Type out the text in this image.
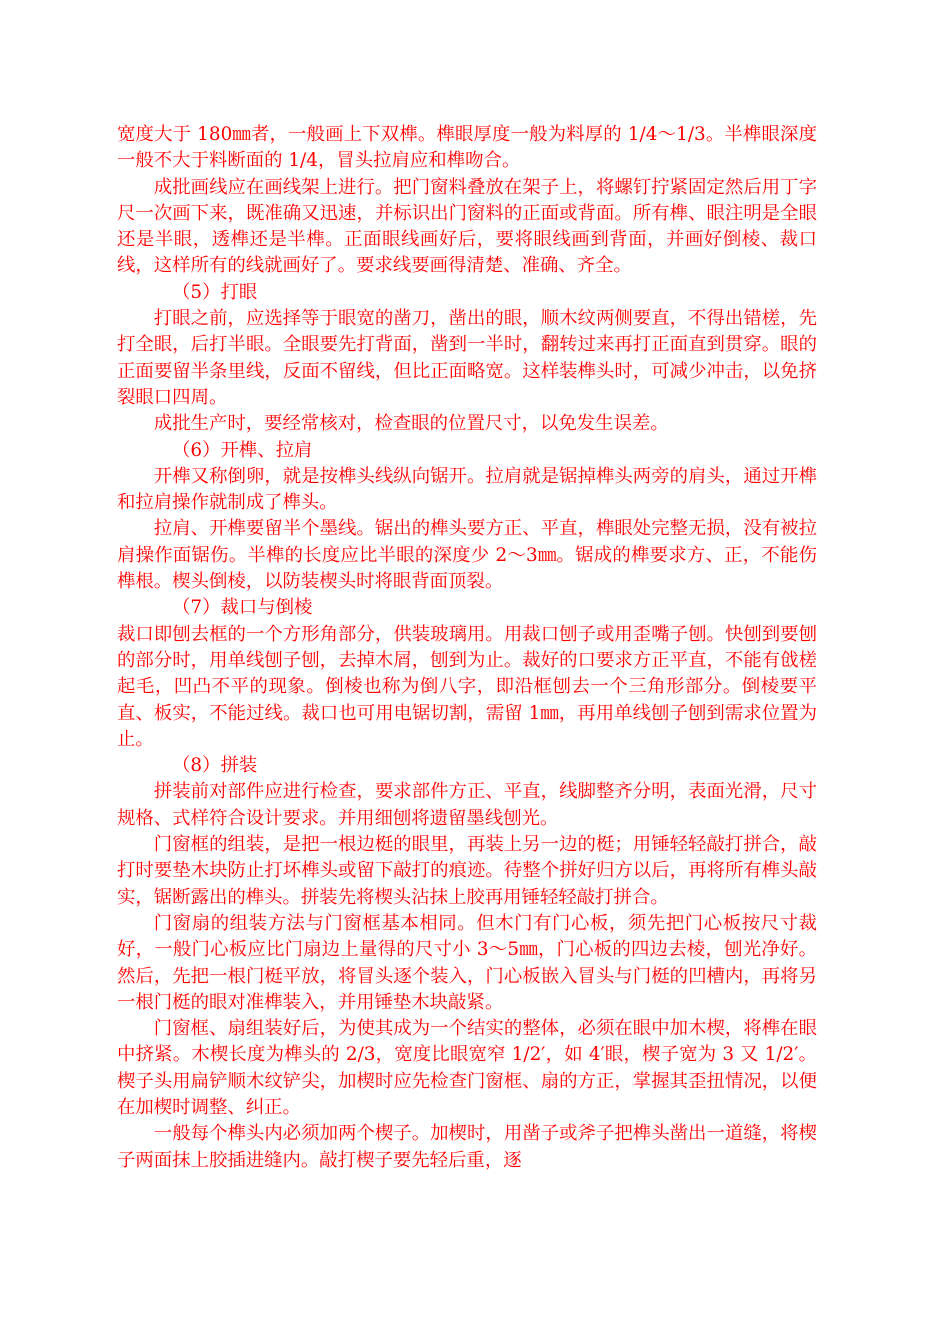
宽度大于 180㎜者，一般画上下双榫。榫眼厚度一般为料厚的 1/4～1/3。半榫眼深度一般不大于料断面的 1/4，冒头拉肩应和榫吻合。

成批画线应在画线架上进行。把门窗料叠放在架子上，将螺钉拧紧固定然后用丁字尺一次画下来，既准确又迅速，并标识出门窗料的正面或背面。所有榫、眼注明是全眼还是半眼，透榫还是半榫。正面眼线画好后，要将眼线画到背面，并画好倒棱、裁口线，这样所有的线就画好了。要求线要画得清楚、准确、齐全。

（5）打眼

打眼之前，应选择等于眼宽的凿刀，凿出的眼，顺木纹两侧要直，不得出错槎，先打全眼，后打半眼。全眼要先打背面，凿到一半时，翻转过来再打正面直到贯穿。眼的正面要留半条里线，反面不留线，但比正面略宽。这样装榫头时，可减少冲击，以免挤裂眼口四周。

成批生产时，要经常核对，检查眼的位置尺寸，以免发生误差。

（6）开榫、拉肩

开榫又称倒卵，就是按榫头线纵向锯开。拉肩就是锯掉榫头两旁的肩头，通过开榫和拉肩操作就制成了榫头。

拉肩、开榫要留半个墨线。锯出的榫头要方正、平直，榫眼处完整无损，没有被拉肩操作面锯伤。半榫的长度应比半眼的深度少 2～3㎜。锯成的榫要求方、正，不能伤榫根。楔头倒棱，以防装楔头时将眼背面顶裂。

（7）裁口与倒棱

裁口即刨去框的一个方形角部分，供装玻璃用。用裁口刨子或用歪嘴子刨。快刨到要刨的部分时，用单线刨子刨，去掉木屑，刨到为止。裁好的口要求方正平直，不能有戗槎起毛，凹凸不平的现象。倒棱也称为倒八字，即沿框刨去一个三角形部分。倒棱要平直、板实，不能过线。裁口也可用电锯切割，需留 1㎜，再用单线刨子刨到需求位置为止。

（8）拼装

拼装前对部件应进行检查，要求部件方正、平直，线脚整齐分明，表面光滑，尺寸规格、式样符合设计要求。并用细刨将遗留墨线刨光。

门窗框的组装，是把一根边梃的眼里，再装上另一边的梃；用锤轻轻敲打拼合，敲打时要垫木块防止打坏榫头或留下敲打的痕迹。待整个拼好归方以后，再将所有榫头敲实，锯断露出的榫头。拼装先将楔头沾抹上胶再用锤轻轻敲打拼合。

门窗扇的组装方法与门窗框基本相同。但木门有门心板，须先把门心板按尺寸裁好，一般门心板应比门扇边上量得的尺寸小 3～5㎜，门心板的四边去棱，刨光净好。然后，先把一根门梃平放，将冒头逐个装入，门心板嵌入冒头与门梃的凹槽内，再将另一根门梃的眼对准榫装入，并用锤垫木块敲紧。

门窗框、扇组装好后，为使其成为一个结实的整体，必须在眼中加木楔，将榫在眼中挤紧。木楔长度为榫头的 2/3，宽度比眼宽窄 1/2′，如 4′眼，楔子宽为 3 又 1/2′。楔子头用扁铲顺木纹铲尖，加楔时应先检查门窗框、扇的方正，掌握其歪扭情况，以便在加楔时调整、纠正。

一般每个榫头内必须加两个楔子。加楔时，用凿子或斧子把榫头凿出一道缝，将楔子两面抹上胶插进缝内。敲打楔子要先轻后重，逐
